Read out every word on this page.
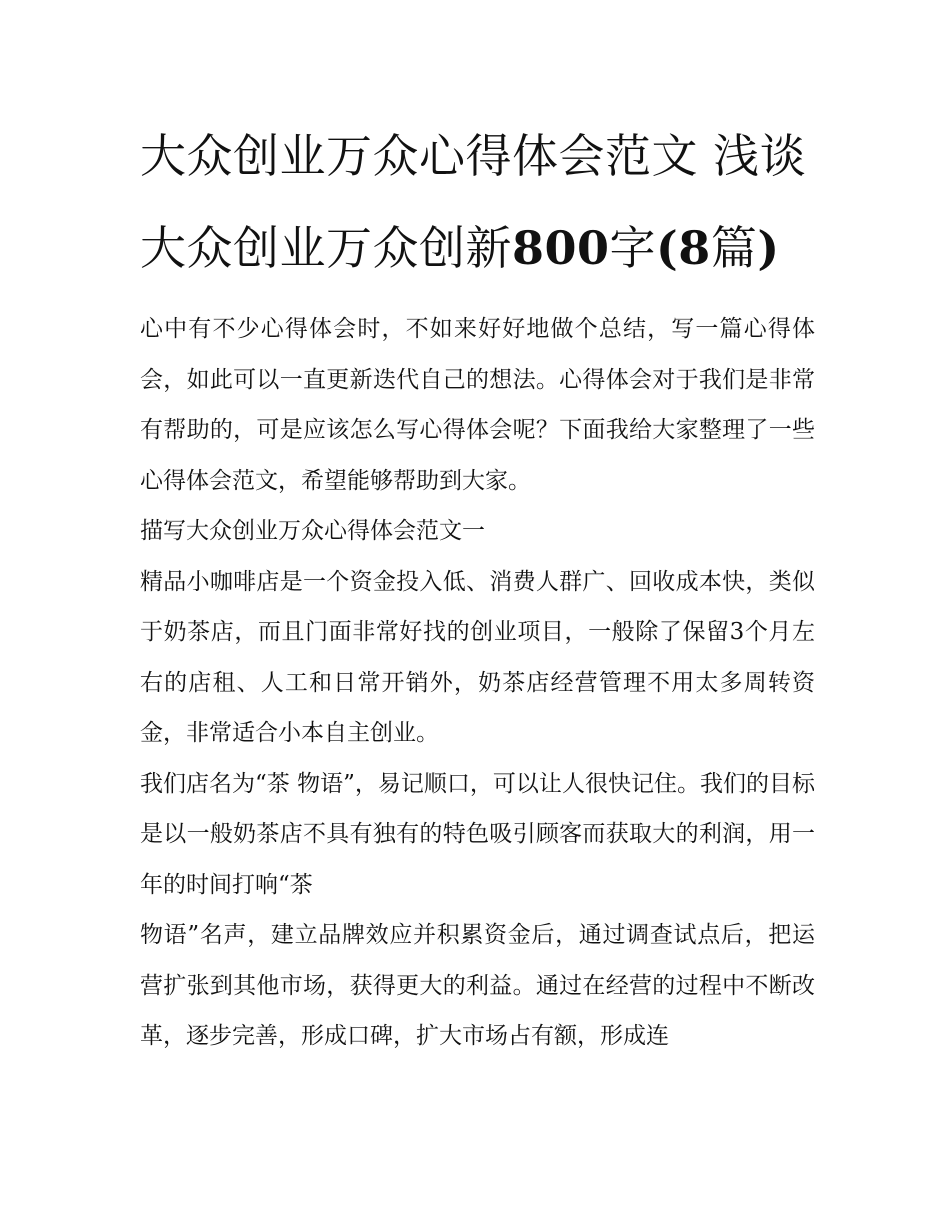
大众创业万众心得体会范文 浅谈大众创业万众创新800字(8篇)

心中有不少心得体会时，不如来好好地做个总结，写一篇心得体会，如此可以一直更新迭代自己的想法。心得体会对于我们是非常有帮助的，可是应该怎么写心得体会呢？下面我给大家整理了一些心得体会范文，希望能够帮助到大家。

描写大众创业万众心得体会范文一

精品小咖啡店是一个资金投入低、消费人群广、回收成本快，类似于奶茶店，而且门面非常好找的创业项目，一般除了保留3个月左右的店租、人工和日常开销外，奶茶店经营管理不用太多周转资金，非常适合小本自主创业。

我们店名为“茶 物语”，易记顺口，可以让人很快记住。我们的目标是以一般奶茶店不具有独有的特色吸引顾客而获取大的利润，用一年的时间打响“茶

物语”名声，建立品牌效应并积累资金后，通过调查试点后，把运营扩张到其他市场，获得更大的利益。通过在经营的过程中不断改革，逐步完善，形成口碑，扩大市场占有额，形成连
